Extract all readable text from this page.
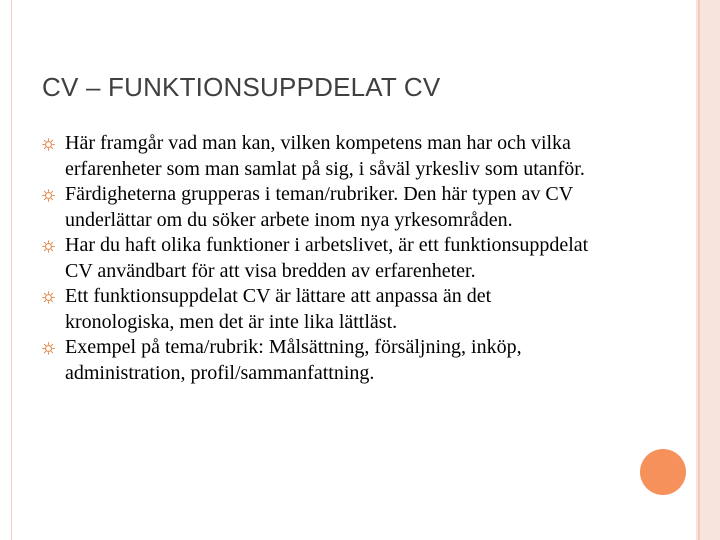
CV – FUNKTIONSUPPDELAT CV
Här framgår vad man kan, vilken kompetens man har och vilka erfarenheter som man samlat på sig, i såväl yrkesliv som utanför.
Färdigheterna grupperas i teman/rubriker. Den här typen av CV underlättar om du söker arbete inom nya yrkesområden.
Har du haft olika funktioner i arbetslivet, är ett funktionsuppdelat CV användbart för att visa bredden av erfarenheter.
Ett funktionsuppdelat CV är lättare att anpassa än det kronologiska, men det är inte lika lättläst.
Exempel på tema/rubrik: Målsättning, försäljning, inköp, administration, profil/sammanfattning.
